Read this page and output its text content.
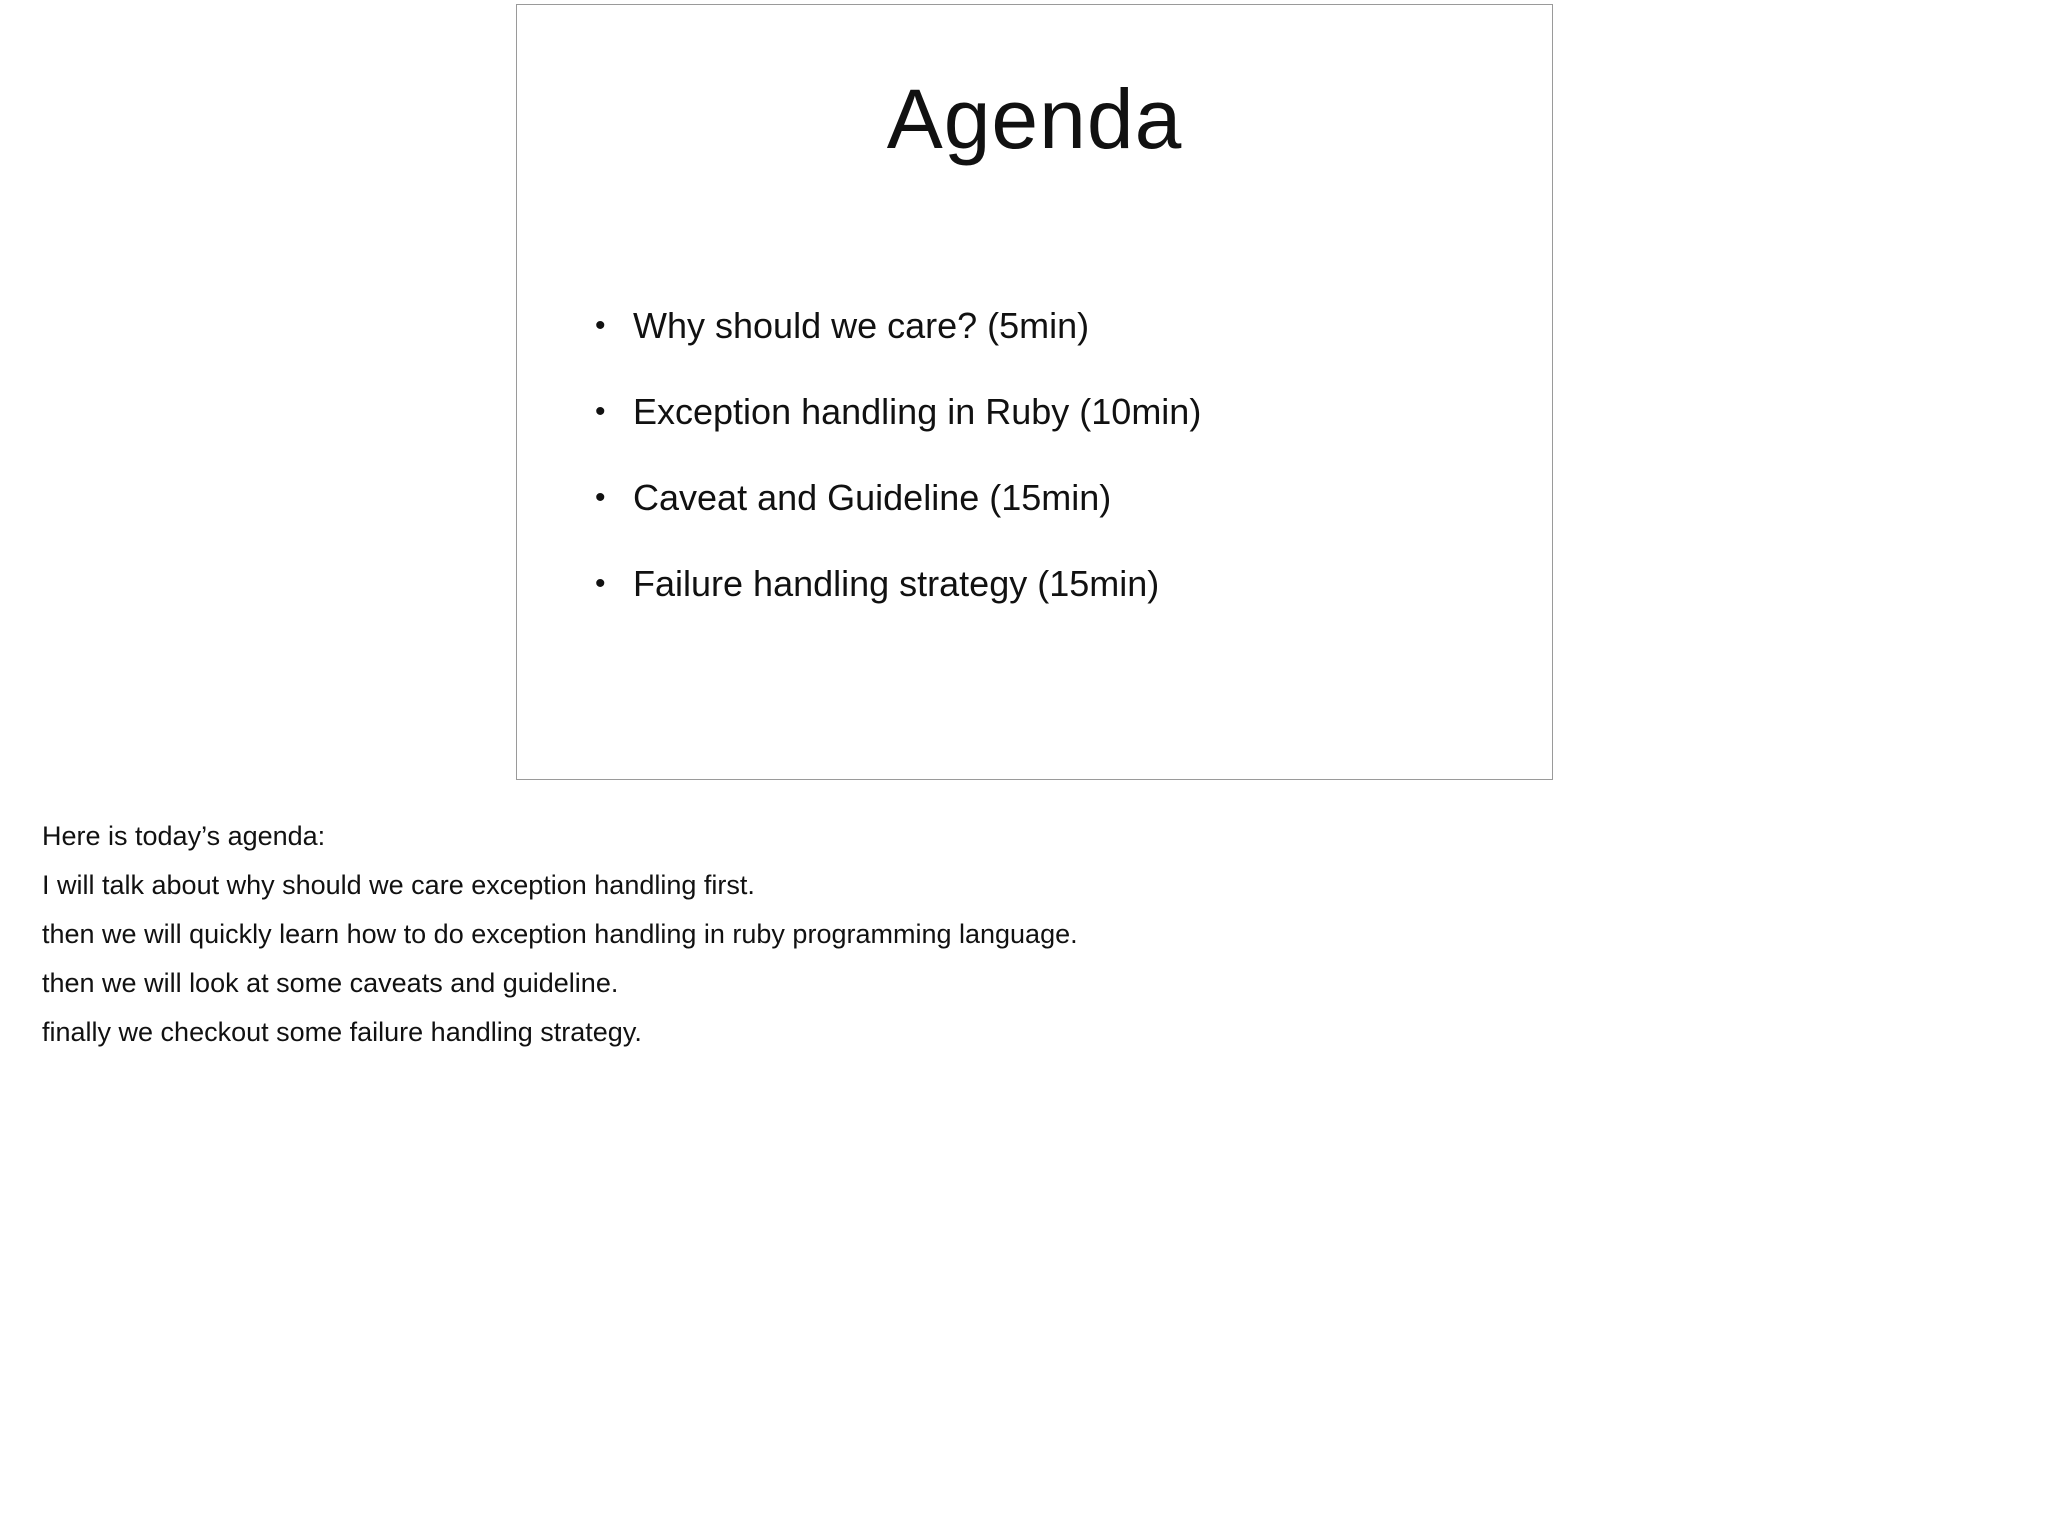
Agenda
• Why should we care? (5min)
• Exception handling in Ruby (10min)
• Caveat and Guideline (15min)
• Failure handling strategy (15min)
Here is today’s agenda:
I will talk about why should we care exception handling first.
then we will quickly learn how to do exception handling in ruby programming language.
then we will look at some caveats and guideline.
finally we checkout some failure handling strategy.
